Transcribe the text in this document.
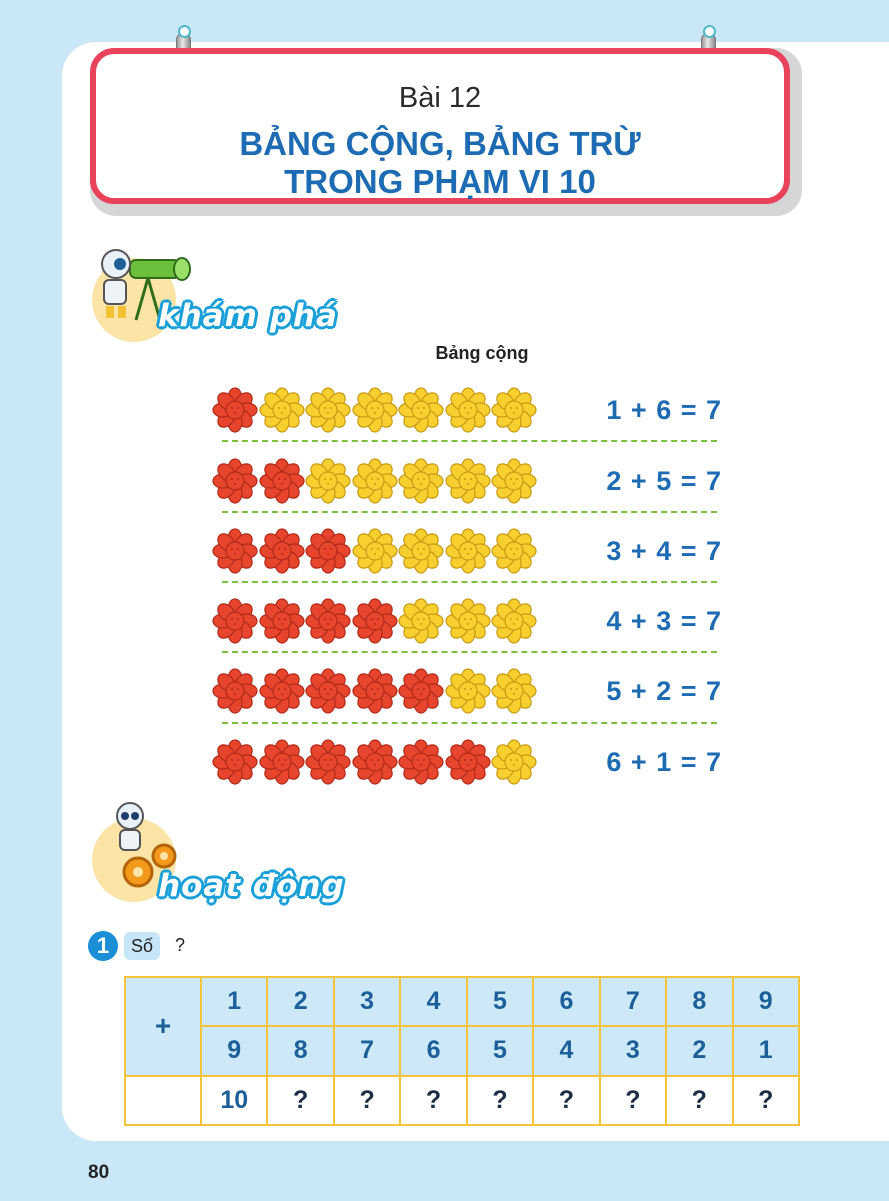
Bài 12
BẢNG CỘNG, BẢNG TRỪ
TRONG PHẠM VI 10
khám phá
Bảng cộng
1 + 6 = 7
2 + 5 = 7
3 + 4 = 7
4 + 3 = 7
5 + 2 = 7
6 + 1 = 7
hoạt động
1	Số	?
+	1	2	3	4	5	6	7	8	9
	9	8	7	6	5	4	3	2	1
	10	?	?	?	?	?	?	?	?
80
